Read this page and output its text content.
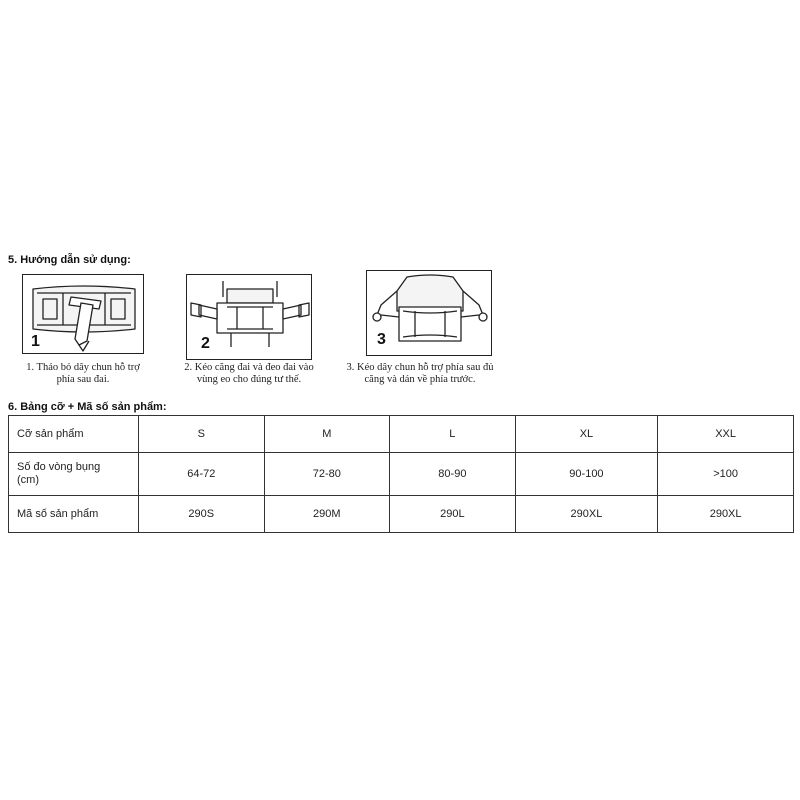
5. Hướng dẫn sử dụng:
1
1. Tháo bỏ dây chun hỗ trợ
phía sau đai.
2
2. Kéo căng đai và đeo đai vào
vùng eo cho đúng tư thế.
3
3. Kéo dây chun hỗ trợ phía sau đủ
căng và dán về phía trước.
6. Bảng cỡ + Mã số sản phẩm:
Cỡ sản phẩm	S	M	L	XL	XXL

Số đo vòng bụng
(cm)	64-72	72-80	80-90	90-100	>100
Mã số sản phẩm	290S	290M	290L	290XL	290XL
